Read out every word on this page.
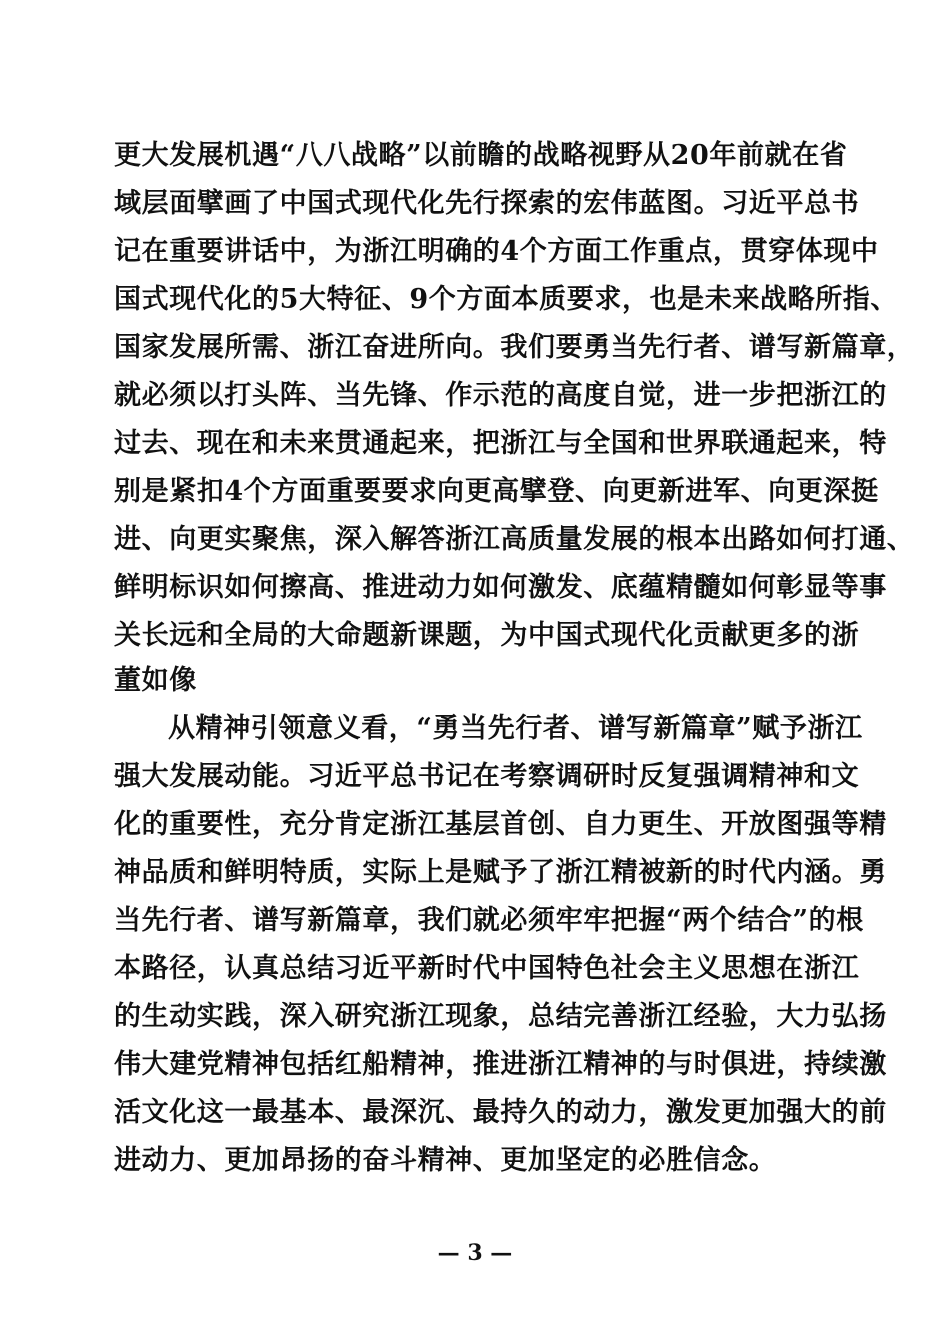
更大发展机遇“八八战略”以前瞻的战略视野从20年前就在省
域层面擘画了中国式现代化先行探索的宏伟蓝图。习近平总书
记在重要讲话中，为浙江明确的4个方面工作重点，贯穿体现中
国式现代化的5大特征、9个方面本质要求，也是未来战略所指、
国家发展所需、浙江奋进所向。我们要勇当先行者、谱写新篇章，
就必须以打头阵、当先锋、作示范的高度自觉，进一步把浙江的
过去、现在和未来贯通起来，把浙江与全国和世界联通起来，特
别是紧扣4个方面重要要求向更高擘登、向更新进军、向更深挺
进、向更实聚焦，深入解答浙江高质量发展的根本出路如何打通、
鲜明标识如何擦高、推进动力如何激发、底蕴精髓如何彰显等事
关长远和全局的大命题新课题，为中国式现代化贡献更多的浙
董如像
从精神引领意义看，“勇当先行者、谱写新篇章”赋予浙江
强大发展动能。习近平总书记在考察调研时反复强调精神和文
化的重要性，充分肯定浙江基层首创、自力更生、开放图强等精
神品质和鲜明特质，实际上是赋予了浙江精被新的时代内涵。勇
当先行者、谱写新篇章，我们就必须牢牢把握“两个结合”的根
本路径，认真总结习近平新时代中国特色社会主义思想在浙江
的生动实践，深入研究浙江现象，总结完善浙江经验，大力弘扬
伟大建党精神包括红船精神，推进浙江精神的与时俱进，持续激
活文化这一最基本、最深沉、最持久的动力，激发更加强大的前
进动力、更加昂扬的奋斗精神、更加坚定的必胜信念。
— 3 —
